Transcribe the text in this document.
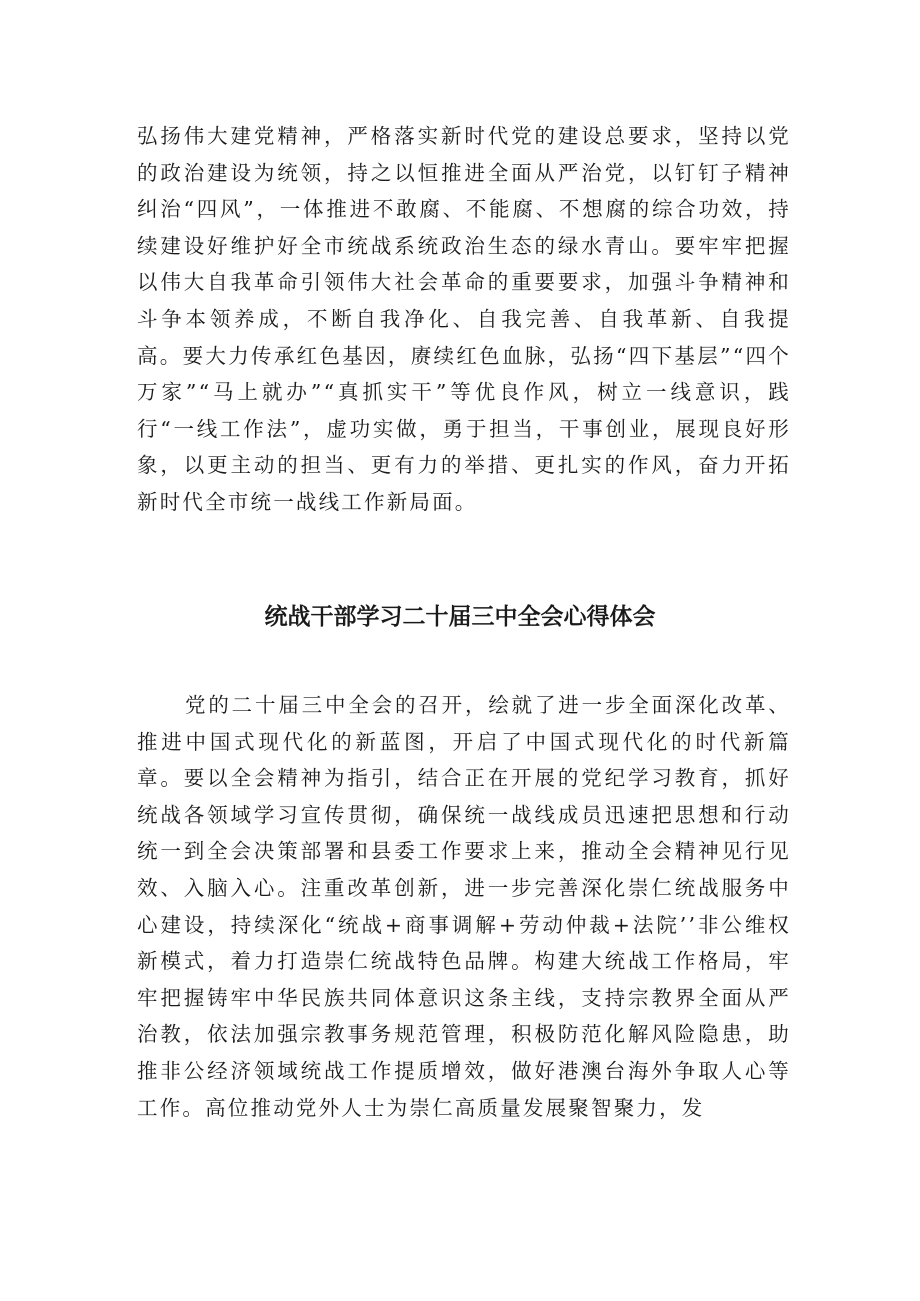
弘扬伟大建党精神，严格落实新时代党的建设总要求，坚持以党的政治建设为统领，持之以恒推进全面从严治党，以钉钉子精神纠治“四风”，一体推进不敢腐、不能腐、不想腐的综合功效，持续建设好维护好全市统战系统政治生态的绿水青山。要牢牢把握以伟大自我革命引领伟大社会革命的重要要求，加强斗争精神和斗争本领养成，不断自我净化、自我完善、自我革新、自我提高。要大力传承红色基因，赓续红色血脉，弘扬“四下基层”“四个万家”“马上就办”“真抓实干”等优良作风，树立一线意识，践行“一线工作法”，虚功实做，勇于担当，干事创业，展现良好形象，以更主动的担当、更有力的举措、更扎实的作风，奋力开拓新时代全市统一战线工作新局面。

统战干部学习二十届三中全会心得体会

党的二十届三中全会的召开，绘就了进一步全面深化改革、推进中国式现代化的新蓝图，开启了中国式现代化的时代新篇章。要以全会精神为指引，结合正在开展的党纪学习教育，抓好统战各领域学习宣传贯彻，确保统一战线成员迅速把思想和行动统一到全会决策部署和县委工作要求上来，推动全会精神见行见效、入脑入心。注重改革创新，进一步完善深化崇仁统战服务中心建设，持续深化“统战+商事调解+劳动仲裁+法院’’非公维权新模式，着力打造崇仁统战特色品牌。构建大统战工作格局，牢牢把握铸牢中华民族共同体意识这条主线，支持宗教界全面从严治教，依法加强宗教事务规范管理，积极防范化解风险隐患，助推非公经济领域统战工作提质增效，做好港澳台海外争取人心等工作。高位推动党外人士为崇仁高质量发展聚智聚力，发
